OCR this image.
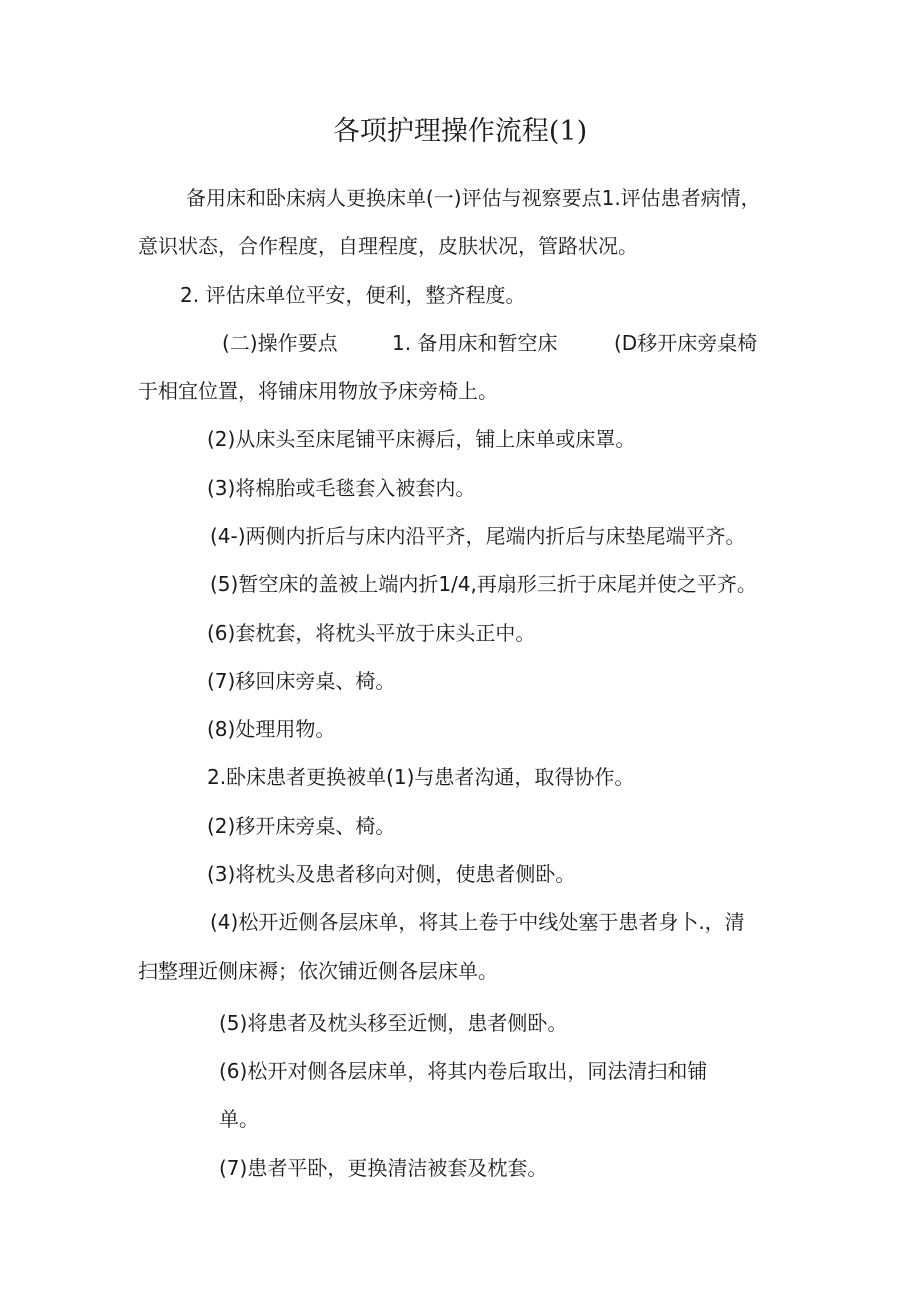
各项护理操作流程(1)
备用床和卧床病人更换床单(一)评估与视察要点1.评估患者病情，
意识状态，合作程度，自理程度，皮肤状况，管路状况。
2. 评估床单位平安，便利，整齐程度。
(二)操作要点	1. 备用床和暂空床	(D移开床旁桌椅
于相宜位置，将铺床用物放予床旁椅上。
(2)从床头至床尾铺平床褥后，铺上床单或床罩。
(3)将棉胎或毛毯套入被套内。
(4-)两侧内折后与床内沿平齐，尾端内折后与床垫尾端平齐。
(5)暂空床的盖被上端内折1/4,再扇形三折于床尾并使之平齐。
(6)套枕套，将枕头平放于床头正中。
(7)移回床旁桌、椅。
(8)处理用物。
2.卧床患者更换被单(1)与患者沟通，取得协作。
(2)移开床旁桌、椅。
(3)将枕头及患者移向对侧，使患者侧卧。
(4)松开近侧各层床单，将其上卷于中线处塞于患者身卜.，清
扫整理近侧床褥；依次铺近侧各层床单。
(5)将患者及枕头移至近恻，患者侧卧。
(6)松开对侧各层床单，将其内卷后取出，同法清扫和铺
单。
(7)患者平卧，更换清洁被套及枕套。
